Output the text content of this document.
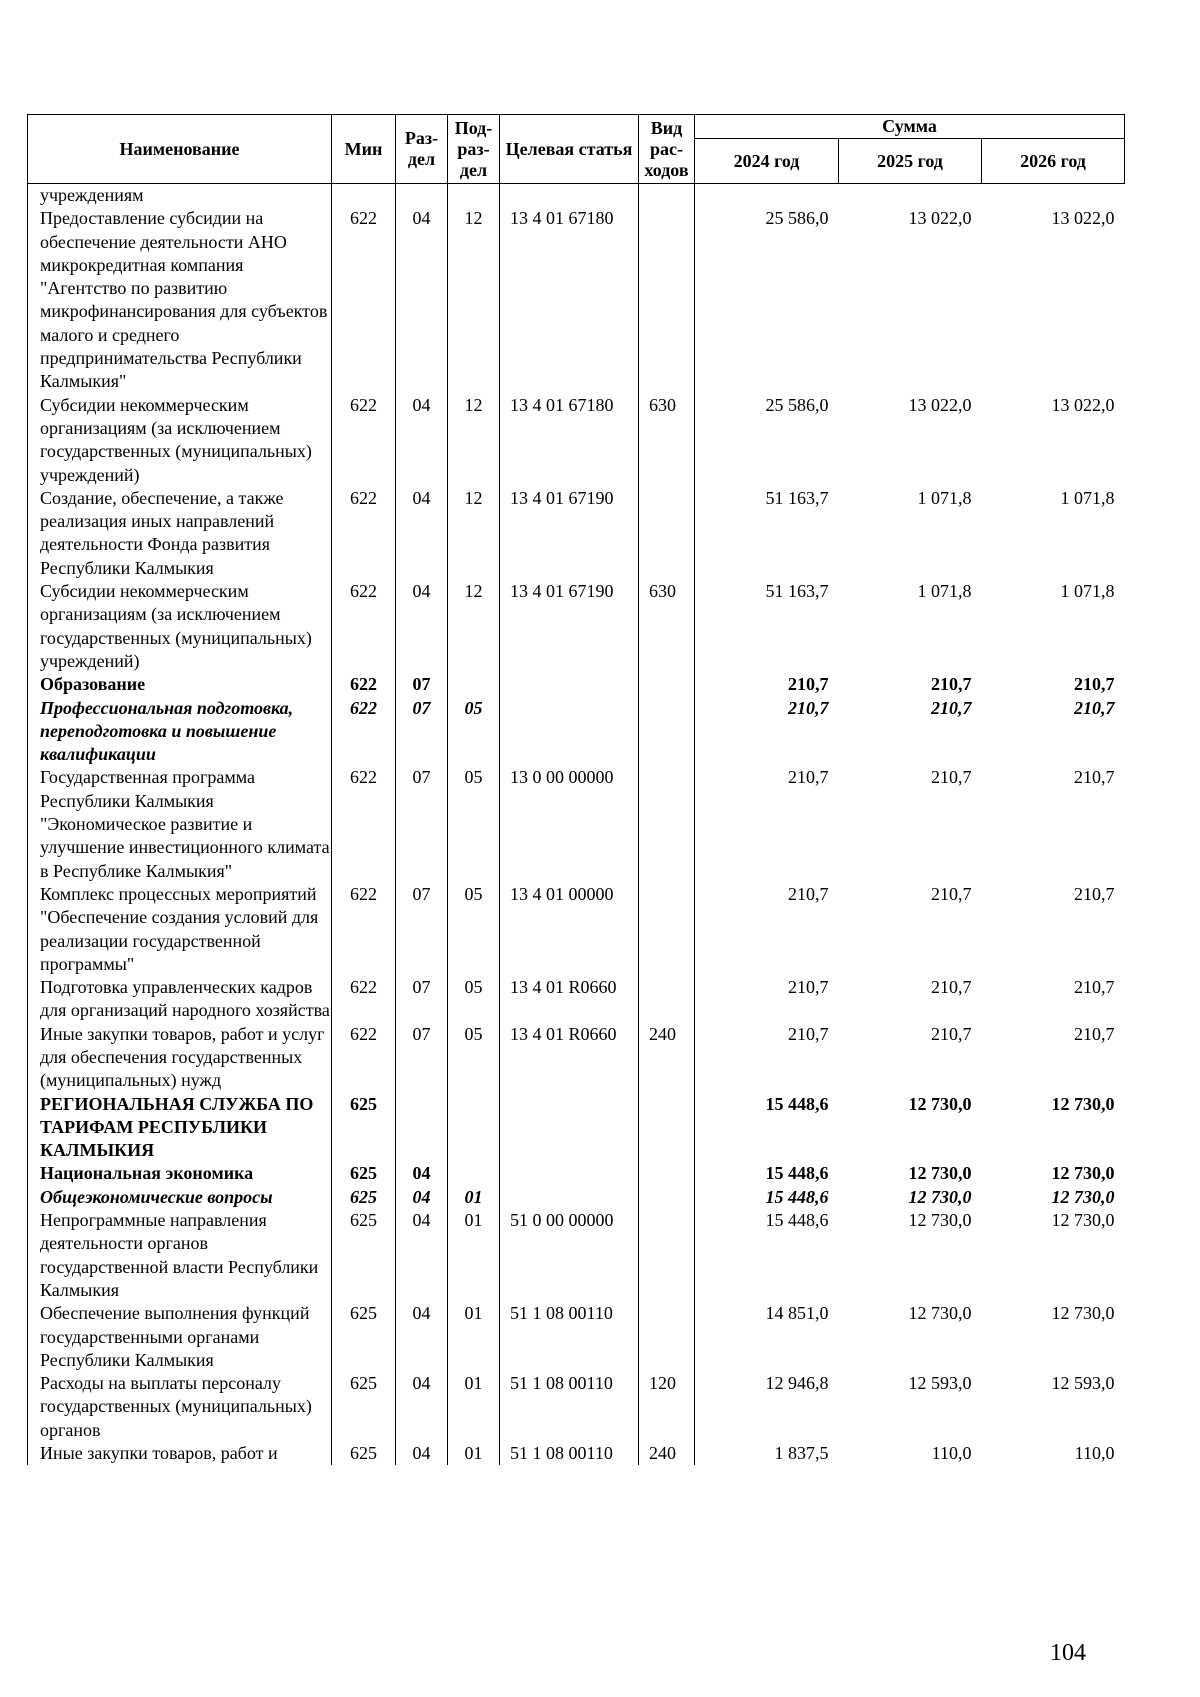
Наименование	Мин	Раз-дел	Под-раз-дел	Целевая статья	Вид рас-ходов	Сумма		
						2024 год	2025 год	2026 год
учреждениям								
Предоставление субсидии на обеспечение деятельности АНО микрокредитная компания "Агентство по развитию микрофинансирования для субъектов малого и среднего предпринимательства Республики Калмыкия"	622	04	12	13 4 01 67180		25 586,0	13 022,0	13 022,0
Субсидии некоммерческим организациям (за исключением государственных (муниципальных) учреждений)	622	04	12	13 4 01 67180	630	25 586,0	13 022,0	13 022,0
Создание, обеспечение, а также реализация иных направлений деятельности Фонда развития Республики Калмыкия	622	04	12	13 4 01 67190		51 163,7	1 071,8	1 071,8
Субсидии некоммерческим организациям (за исключением государственных (муниципальных) учреждений)	622	04	12	13 4 01 67190	630	51 163,7	1 071,8	1 071,8
Образование	622	07				210,7	210,7	210,7
Профессиональная подготовка, переподготовка и повышение квалификации	622	07	05			210,7	210,7	210,7
Государственная программа Республики Калмыкия "Экономическое развитие и улучшение инвестиционного климата в Республике Калмыкия"	622	07	05	13 0 00 00000		210,7	210,7	210,7
Комплекс процессных мероприятий "Обеспечение создания условий для реализации государственной программы"	622	07	05	13 4 01 00000		210,7	210,7	210,7
Подготовка управленческих кадров для организаций народного хозяйства	622	07	05	13 4 01 R0660		210,7	210,7	210,7
Иные закупки товаров, работ и услуг для обеспечения государственных (муниципальных) нужд	622	07	05	13 4 01 R0660	240	210,7	210,7	210,7
РЕГИОНАЛЬНАЯ СЛУЖБА ПО ТАРИФАМ РЕСПУБЛИКИ КАЛМЫКИЯ	625					15 448,6	12 730,0	12 730,0
Национальная экономика	625	04				15 448,6	12 730,0	12 730,0
Общеэкономические вопросы	625	04	01			15 448,6	12 730,0	12 730,0
Непрограммные направления деятельности органов государственной власти Республики Калмыкия	625	04	01	51 0 00 00000		15 448,6	12 730,0	12 730,0
Обеспечение выполнения функций государственными органами Республики Калмыкия	625	04	01	51 1 08 00110		14 851,0	12 730,0	12 730,0
Расходы на выплаты персоналу государственных (муниципальных) органов	625	04	01	51 1 08 00110	120	12 946,8	12 593,0	12 593,0
Иные закупки товаров, работ и	625	04	01	51 1 08 00110	240	1 837,5	110,0	110,0
104
